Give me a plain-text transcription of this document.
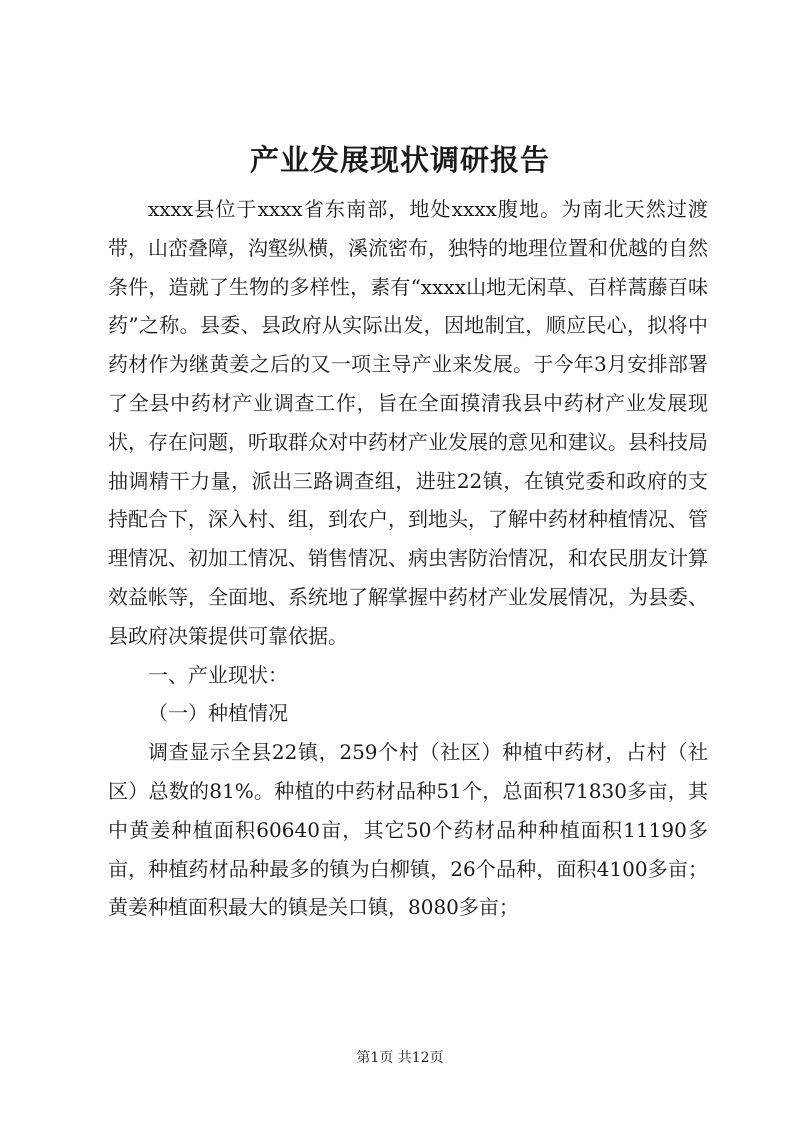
产业发展现状调研报告

xxxx县位于xxxx省东南部，地处xxxx腹地。为南北天然过渡带，山峦叠障，沟壑纵横，溪流密布，独特的地理位置和优越的自然条件，造就了生物的多样性，素有“xxxx山地无闲草、百样蒿藤百味药”之称。县委、县政府从实际出发，因地制宜，顺应民心，拟将中药材作为继黄姜之后的又一项主导产业来发展。于今年3月安排部署了全县中药材产业调查工作，旨在全面摸清我县中药材产业发展现状，存在问题，听取群众对中药材产业发展的意见和建议。县科技局抽调精干力量，派出三路调查组，进驻22镇，在镇党委和政府的支持配合下，深入村、组，到农户，到地头，了解中药材种植情况、管理情况、初加工情况、销售情况、病虫害防治情况，和农民朋友计算效益帐等，全面地、系统地了解掌握中药材产业发展情况，为县委、县政府决策提供可靠依据。

一、产业现状：

（一）种植情况

调查显示全县22镇，259个村（社区）种植中药材，占村（社区）总数的81%。种植的中药材品种51个，总面积71830多亩，其中黄姜种植面积60640亩，其它50个药材品种种植面积11190多亩，种植药材品种最多的镇为白柳镇，26个品种，面积4100多亩；黄姜种植面积最大的镇是关口镇，8080多亩；

第1页 共12页
